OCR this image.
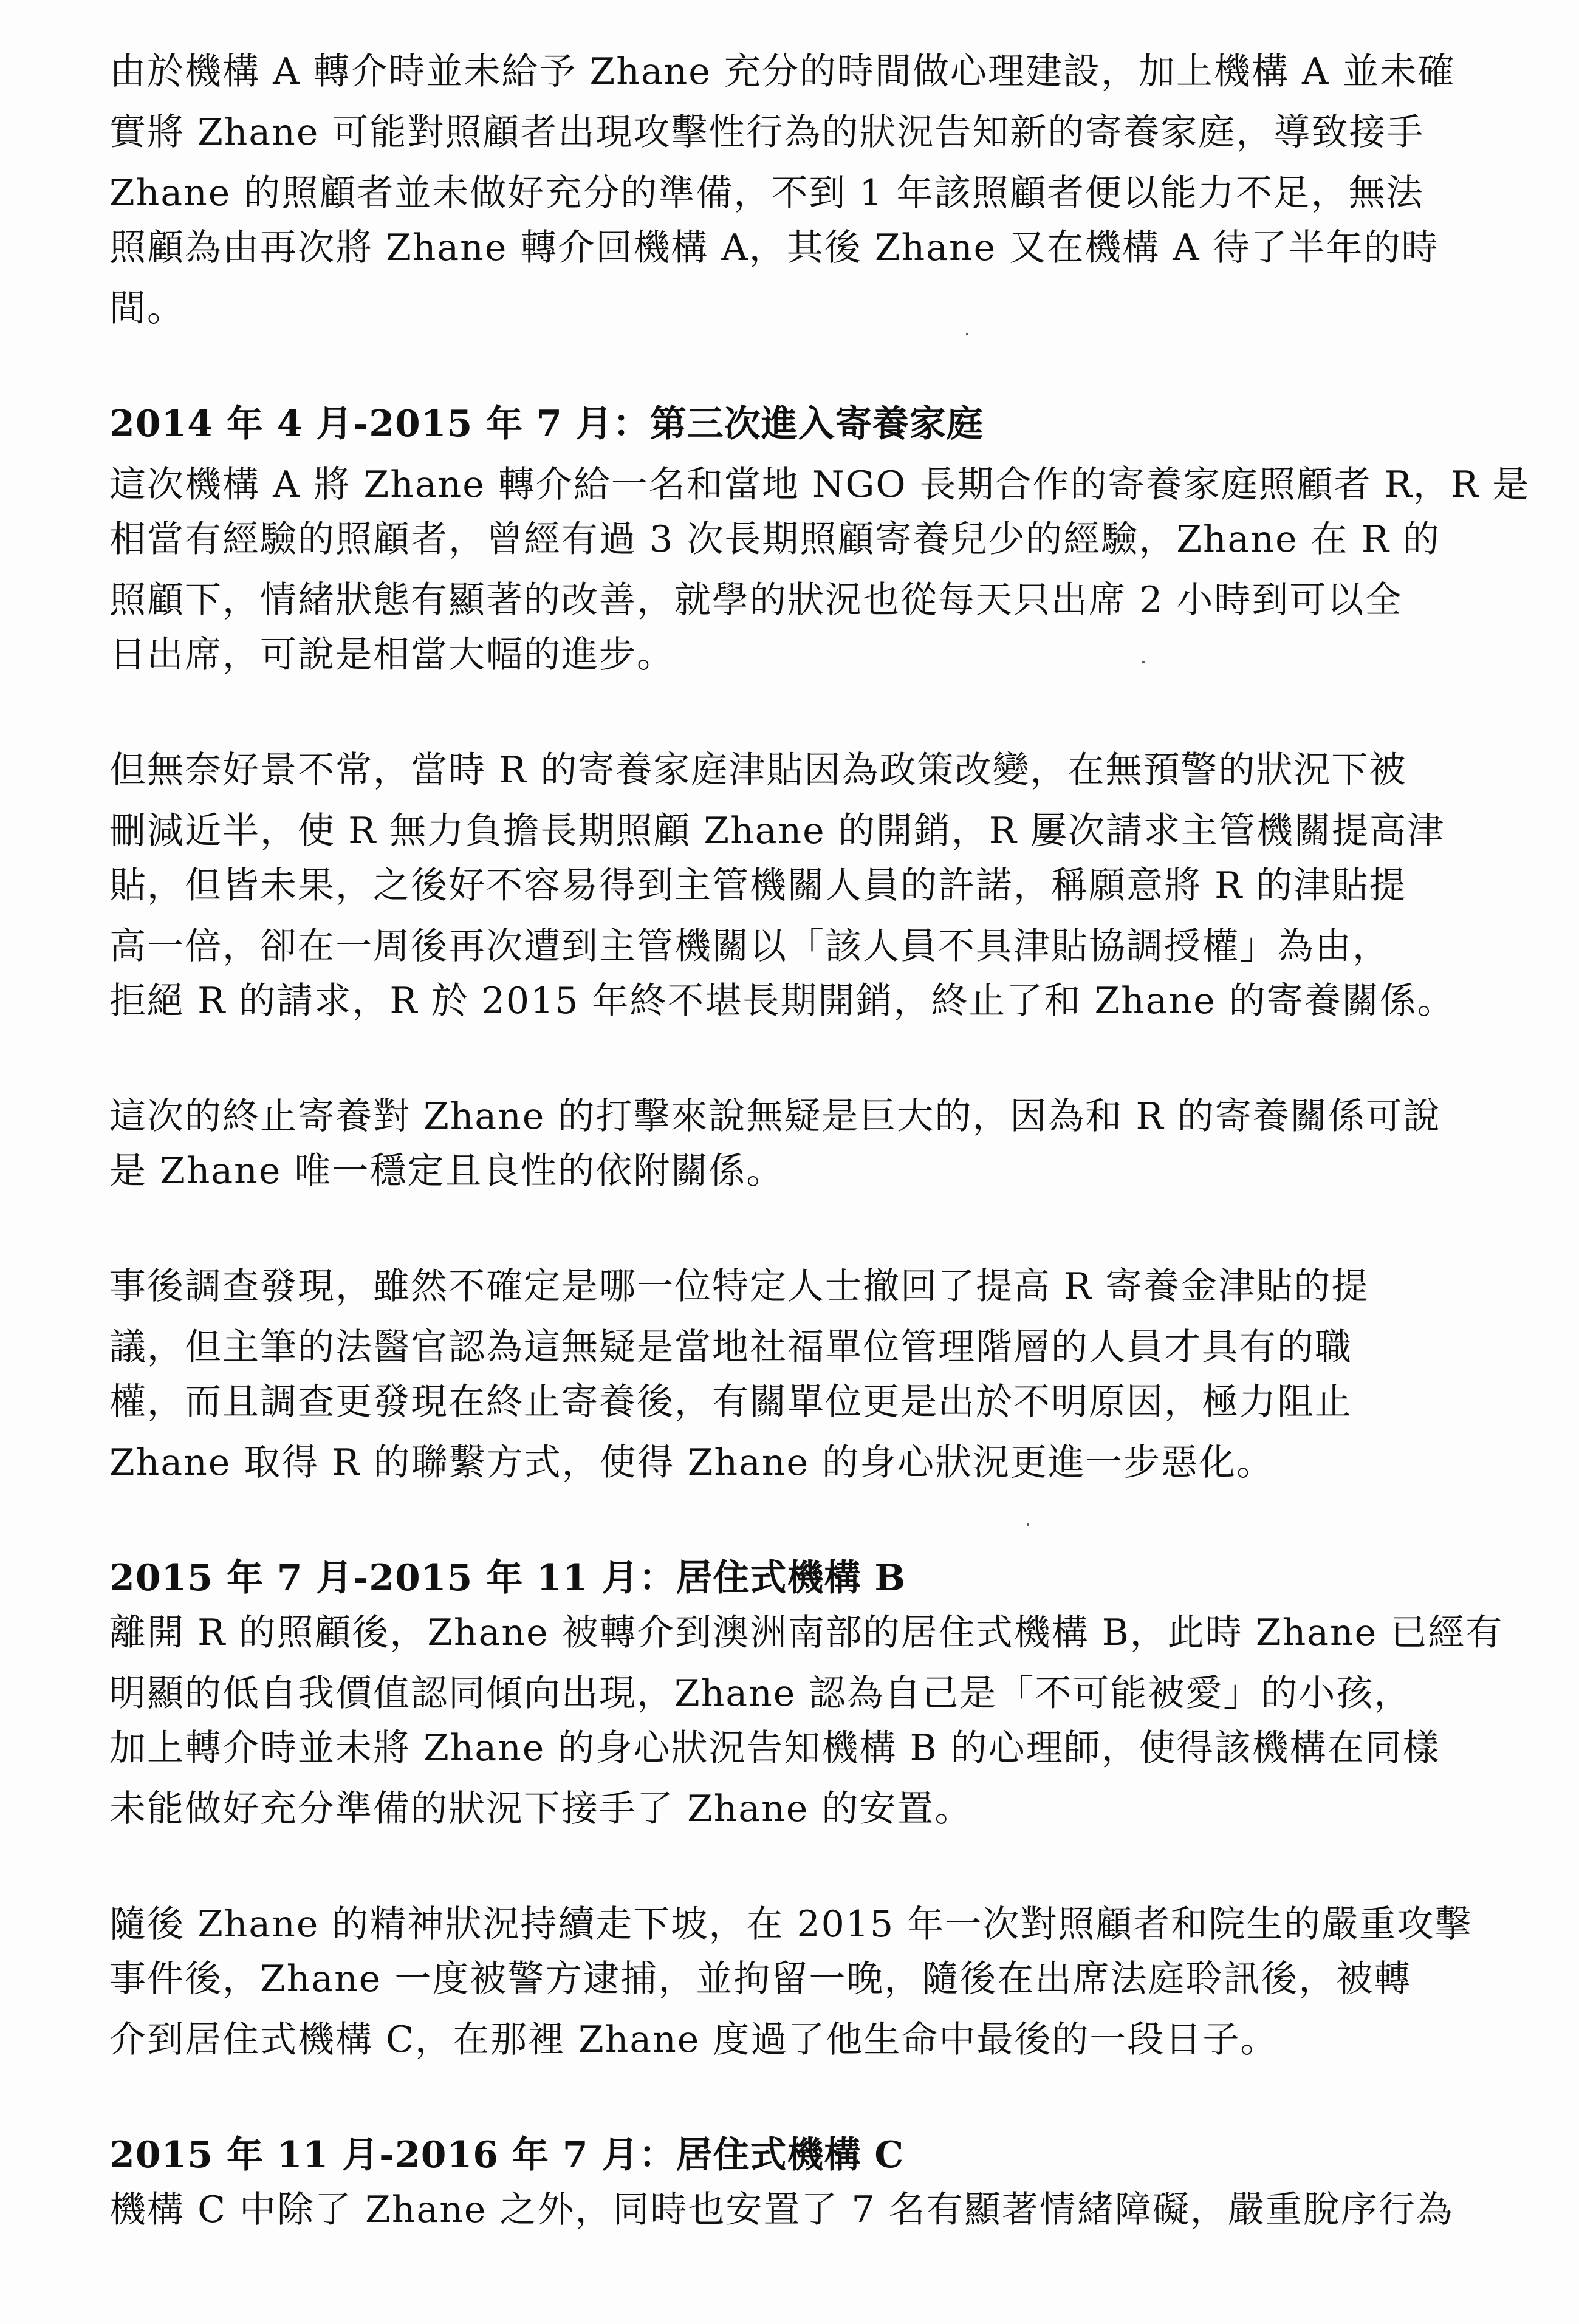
由於機構 A 轉介時並未給予 Zhane 充分的時間做心理建設，加上機構 A 並未確
實將 Zhane 可能對照顧者出現攻擊性行為的狀況告知新的寄養家庭，導致接手
Zhane 的照顧者並未做好充分的準備，不到 1 年該照顧者便以能力不足，無法
照顧為由再次將 Zhane 轉介回機構 A，其後 Zhane 又在機構 A 待了半年的時
間。
2014 年 4 月-2015 年 7 月：第三次進入寄養家庭
這次機構 A 將 Zhane 轉介給一名和當地 NGO 長期合作的寄養家庭照顧者 R，R 是
相當有經驗的照顧者，曾經有過 3 次長期照顧寄養兒少的經驗，Zhane 在 R 的
照顧下，情緒狀態有顯著的改善，就學的狀況也從每天只出席 2 小時到可以全
日出席，可說是相當大幅的進步。
但無奈好景不常，當時 R 的寄養家庭津貼因為政策改變，在無預警的狀況下被
刪減近半，使 R 無力負擔長期照顧 Zhane 的開銷，R 屢次請求主管機關提高津
貼，但皆未果，之後好不容易得到主管機關人員的許諾，稱願意將 R 的津貼提
高一倍，卻在一周後再次遭到主管機關以「該人員不具津貼協調授權」為由，
拒絕 R 的請求，R 於 2015 年終不堪長期開銷，終止了和 Zhane 的寄養關係。
這次的終止寄養對 Zhane 的打擊來說無疑是巨大的，因為和 R 的寄養關係可說
是 Zhane 唯一穩定且良性的依附關係。
事後調查發現，雖然不確定是哪一位特定人士撤回了提高 R 寄養金津貼的提
議，但主筆的法醫官認為這無疑是當地社福單位管理階層的人員才具有的職
權，而且調查更發現在終止寄養後，有關單位更是出於不明原因，極力阻止
Zhane 取得 R 的聯繫方式，使得 Zhane 的身心狀況更進一步惡化。
2015 年 7 月-2015 年 11 月：居住式機構 B
離開 R 的照顧後，Zhane 被轉介到澳洲南部的居住式機構 B，此時 Zhane 已經有
明顯的低自我價值認同傾向出現，Zhane 認為自己是「不可能被愛」的小孩，
加上轉介時並未將 Zhane 的身心狀況告知機構 B 的心理師，使得該機構在同樣
未能做好充分準備的狀況下接手了 Zhane 的安置。
隨後 Zhane 的精神狀況持續走下坡，在 2015 年一次對照顧者和院生的嚴重攻擊
事件後，Zhane 一度被警方逮捕，並拘留一晚，隨後在出席法庭聆訊後，被轉
介到居住式機構 C，在那裡 Zhane 度過了他生命中最後的一段日子。
2015 年 11 月-2016 年 7 月：居住式機構 C
機構 C 中除了 Zhane 之外，同時也安置了 7 名有顯著情緒障礙，嚴重脫序行為
